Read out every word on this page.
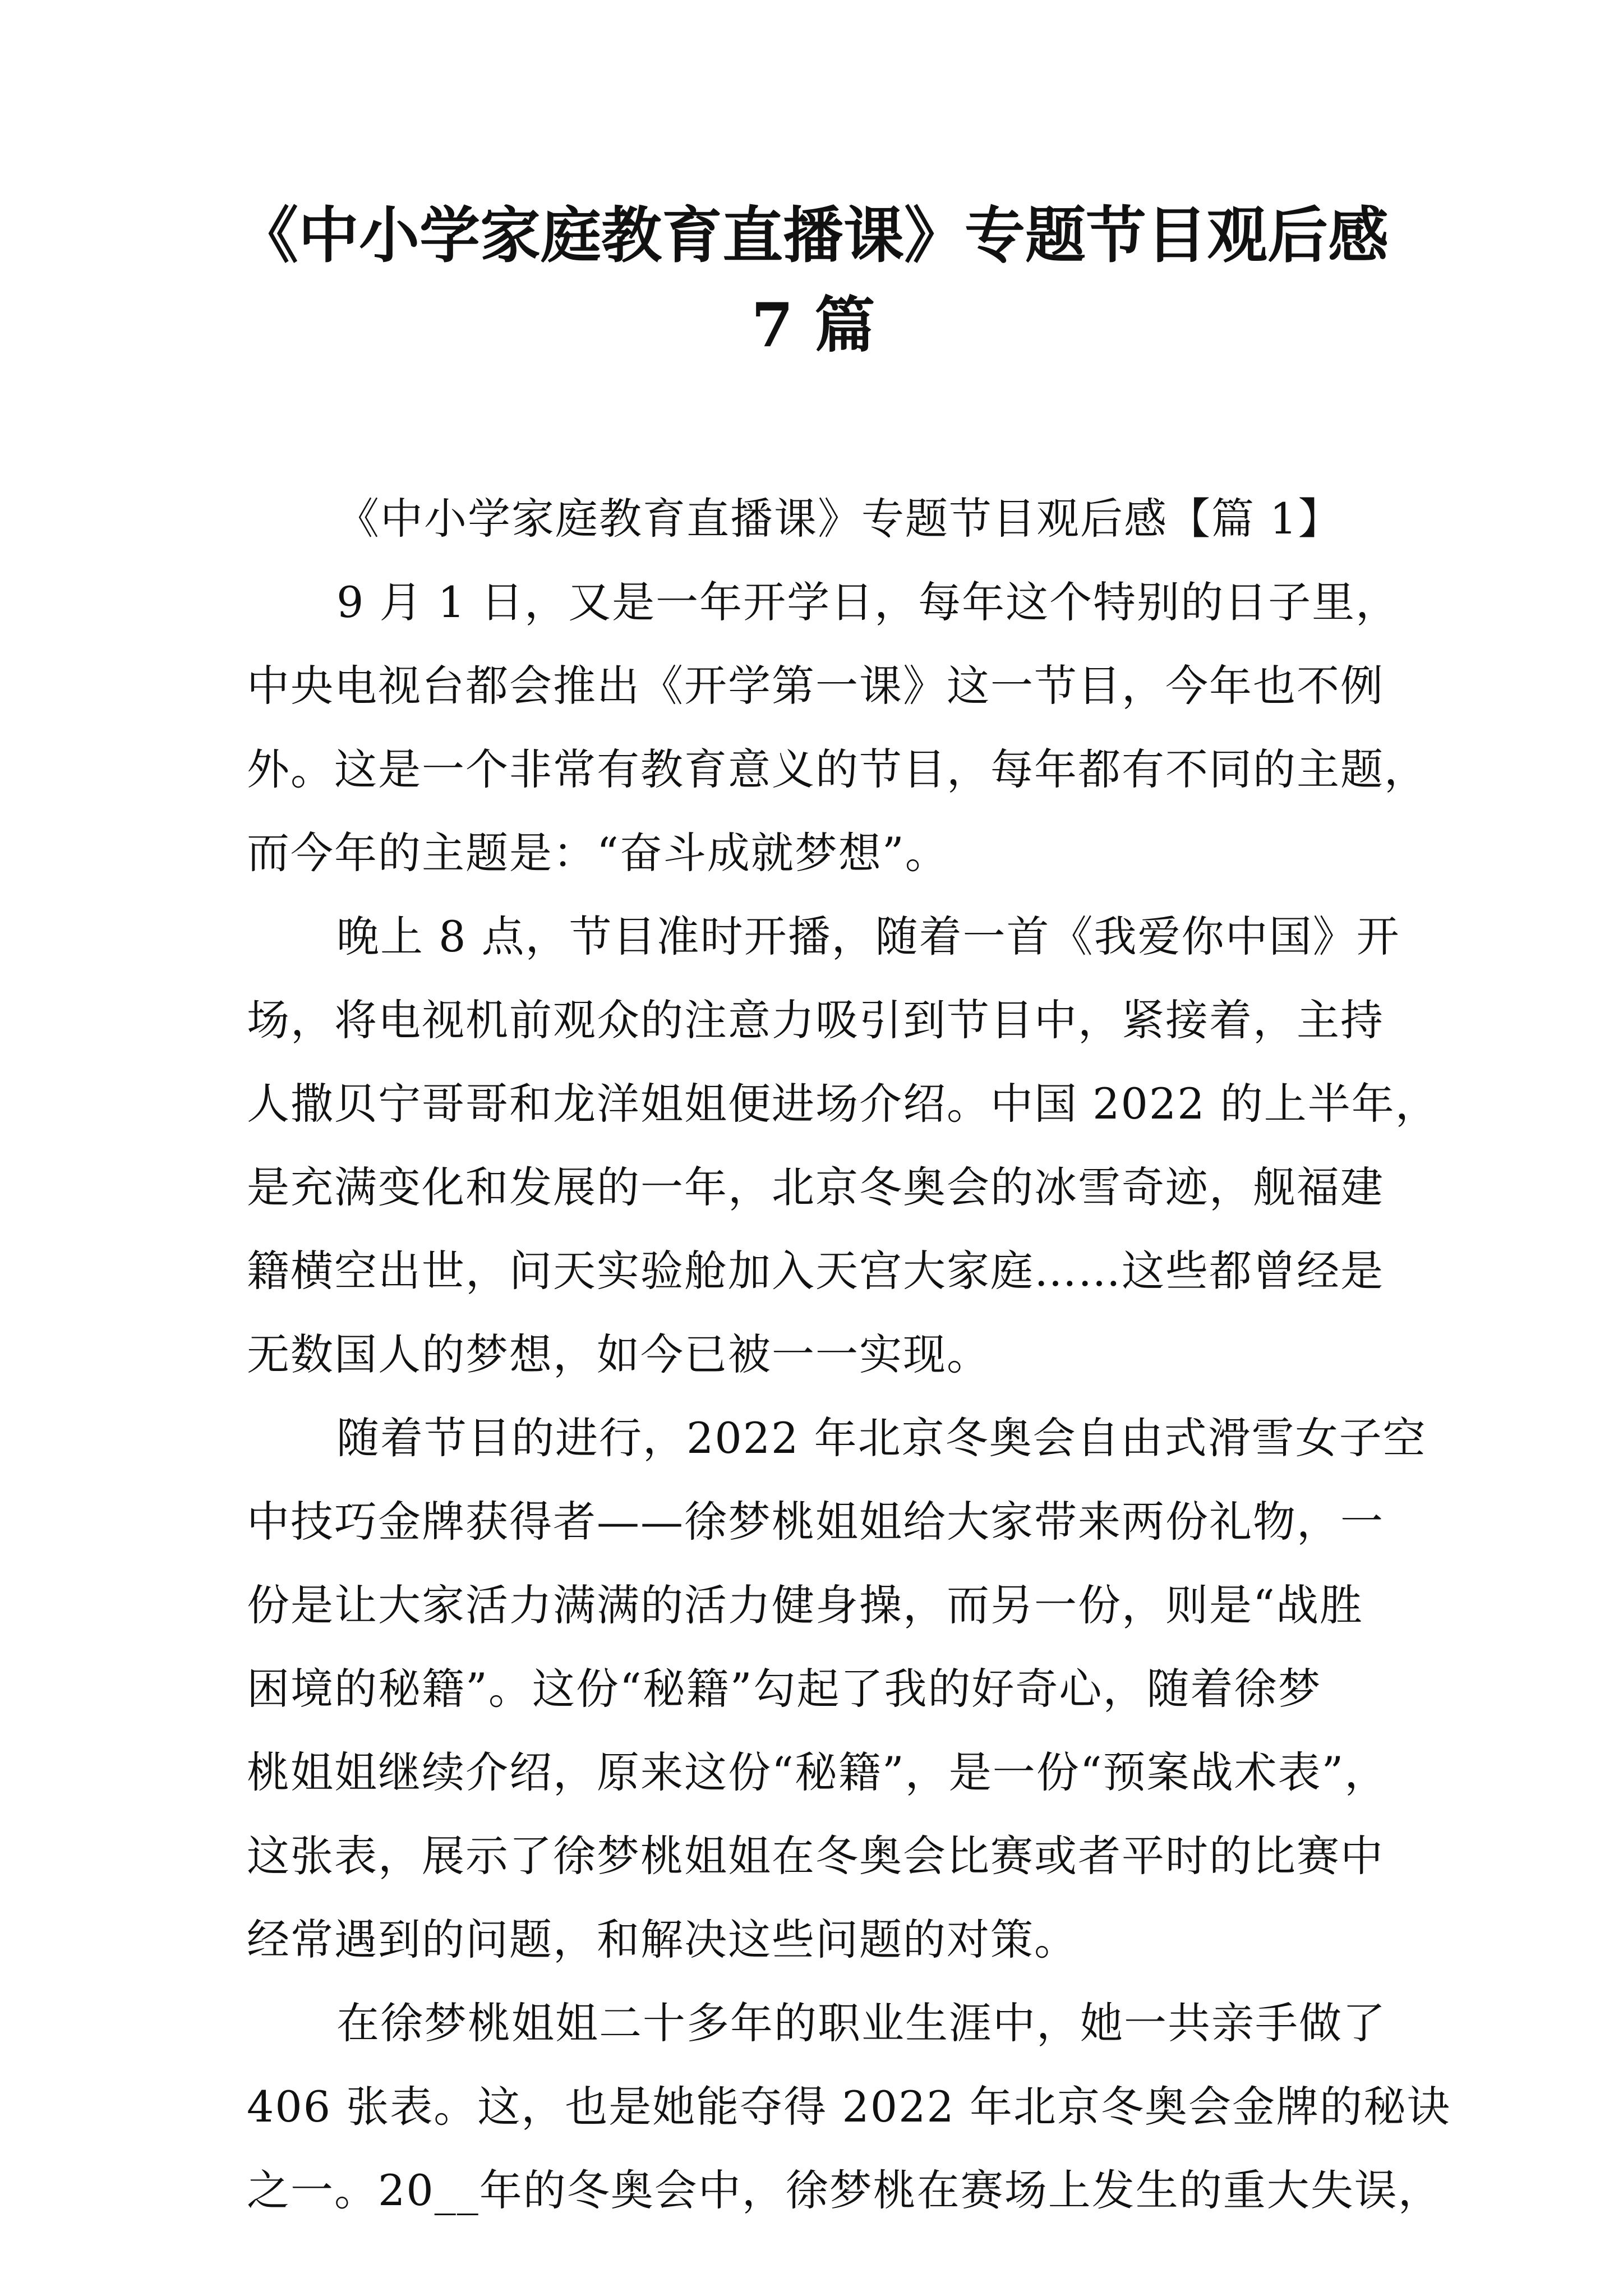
《中小学家庭教育直播课》专题节目观后感
7 篇
《中小学家庭教育直播课》专题节目观后感【篇 1】
9 月 1 日，又是一年开学日，每年这个特别的日子里，
中央电视台都会推出《开学第一课》这一节目，今年也不例
外。这是一个非常有教育意义的节目，每年都有不同的主题，
而今年的主题是：“奋斗成就梦想”。
晚上 8 点，节目准时开播，随着一首《我爱你中国》开
场，将电视机前观众的注意力吸引到节目中，紧接着，主持
人撒贝宁哥哥和龙洋姐姐便进场介绍。中国 2022 的上半年，
是充满变化和发展的一年，北京冬奥会的冰雪奇迹，舰福建
籍横空出世，问天实验舱加入天宫大家庭……这些都曾经是
无数国人的梦想，如今已被一一实现。
随着节目的进行，2022 年北京冬奥会自由式滑雪女子空
中技巧金牌获得者——徐梦桃姐姐给大家带来两份礼物，一
份是让大家活力满满的活力健身操，而另一份，则是“战胜
困境的秘籍”。这份“秘籍”勾起了我的好奇心，随着徐梦
桃姐姐继续介绍，原来这份“秘籍”，是一份“预案战术表”，
这张表，展示了徐梦桃姐姐在冬奥会比赛或者平时的比赛中
经常遇到的问题，和解决这些问题的对策。
在徐梦桃姐姐二十多年的职业生涯中，她一共亲手做了
406 张表。这，也是她能夺得 2022 年北京冬奥会金牌的秘诀
之一。20__年的冬奥会中，徐梦桃在赛场上发生的重大失误，
